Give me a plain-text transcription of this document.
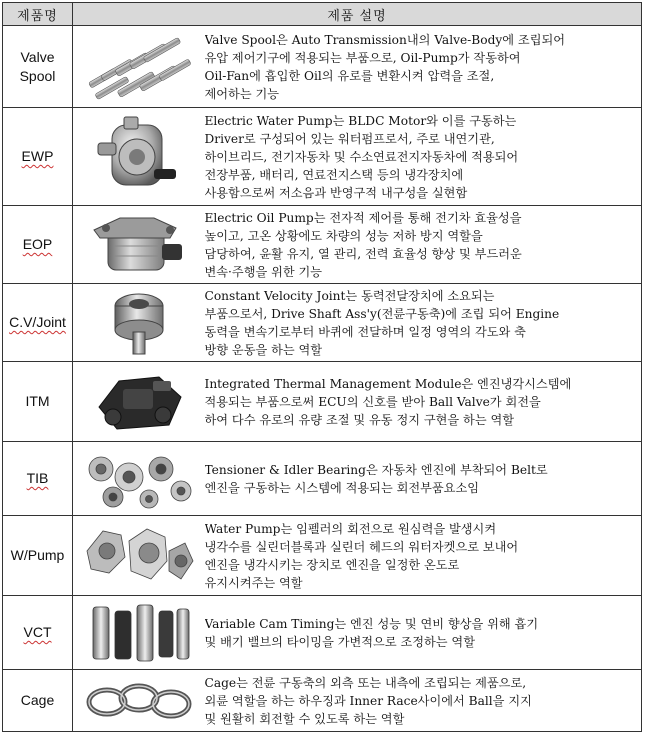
제품명	제품 설명	
Valve
Spool		Valve Spool은 Auto Transmission내의 Valve-Body에 조립되어
유압 제어기구에 적용되는 부품으로, Oil-Pump가 작동하여
Oil-Fan에 흡입한 Oil의 유로를 변환시켜 압력을 조절,
제어하는 기능

EWP		Electric Water Pump는 BLDC Motor와 이를 구동하는
Driver로 구성되어 있는 워터펌프로서, 주로 내연기관,
하이브리드, 전기자동차 및 수소연료전지자동차에 적용되어
전장부품, 배터리, 연료전지스택 등의 냉각장치에
사용함으로써 저소음과 반영구적 내구성을 실현함

EOP		Electric Oil Pump는 전자적 제어를 통해 전기차 효율성을
높이고, 고온 상황에도 차량의 성능 저하 방지 역할을
담당하여, 윤활 유지, 열 관리, 전력 효율성 향상 및 부드러운
변속·주행을 위한 기능

C.V/Joint		Constant Velocity Joint는 동력전달장치에 소요되는
부품으로서, Drive Shaft Ass'y(전륜구동축)에 조립 되어 Engine
동력을 변속기로부터 바퀴에 전달하며 일정 영역의 각도와 축
방향 운동을 하는 역할

ITM		Integrated Thermal Management Module은 엔진냉각시스템에
적용되는 부품으로써 ECU의 신호를 받아 Ball Valve가 회전을
하여 다수 유로의 유량 조절 및 유동 정지 구현을 하는 역할

TIB		Tensioner & Idler Bearing은 자동차 엔진에 부착되어 Belt로
엔진을 구동하는 시스템에 적용되는 회전부품요소임

W/Pump		Water Pump는 임펠러의 회전으로 원심력을 발생시켜
냉각수를 실린더블록과 실린더 헤드의 워터자켓으로 보내어
엔진을 냉각시키는 장치로 엔진을 일정한 온도로
유지시켜주는 역할

VCT		Variable Cam Timing는 엔진 성능 및 연비 향상을 위해 흡기
및 배기 밸브의 타이밍을 가변적으로 조정하는 역할

Cage		Cage는 전륜 구동축의 외측 또는 내측에 조립되는 제품으로,
외륜 역할을 하는 하우징과 Inner Race사이에서 Ball을 지지
및 원활히 회전할 수 있도록 하는 역할
